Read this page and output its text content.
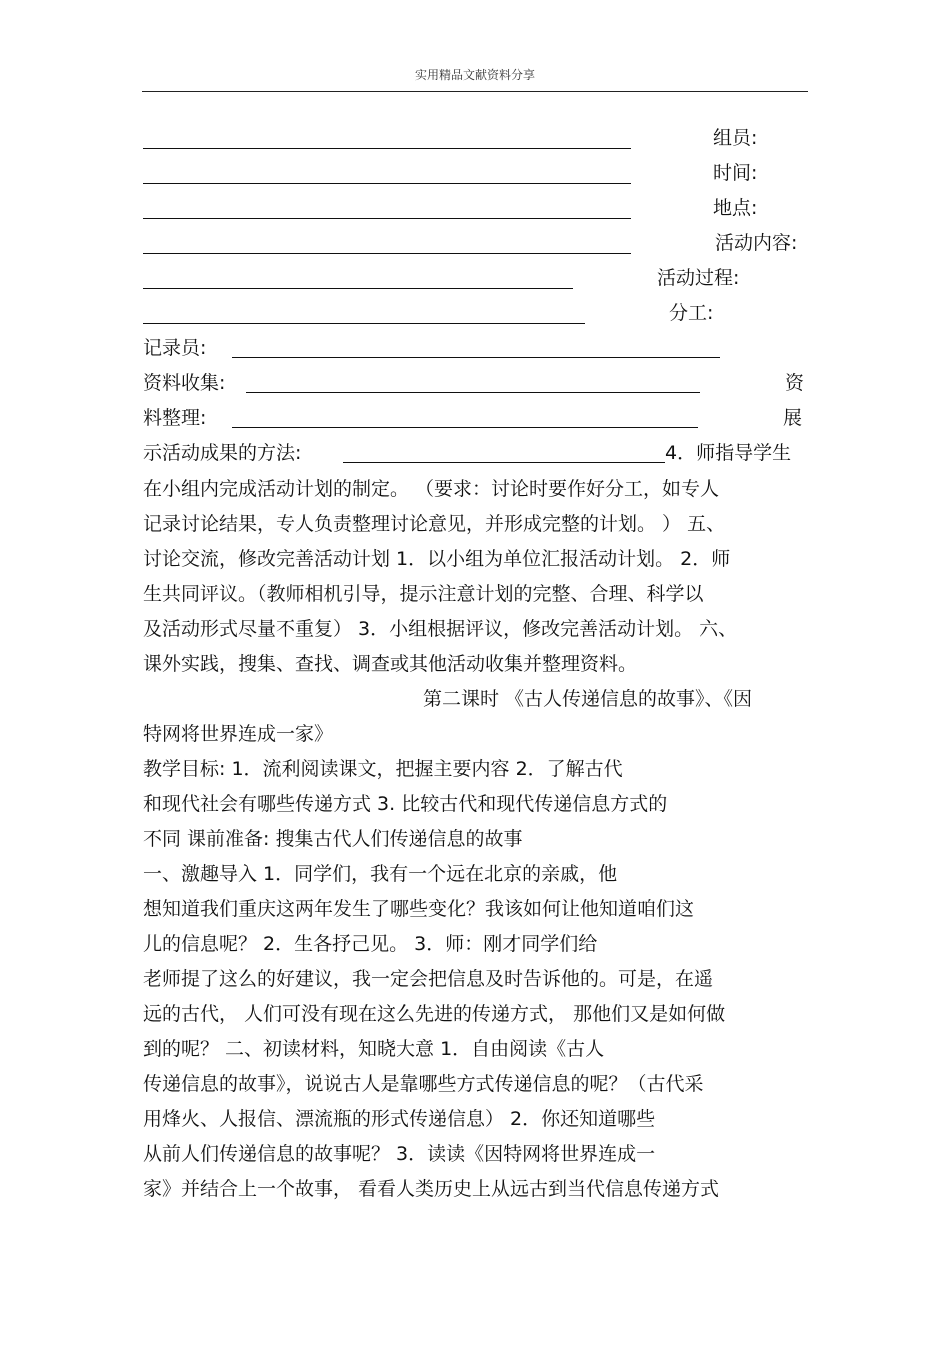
实用精品文献资料分享
组员:
时间:
地点:
活动内容:
活动过程:
分工:
记录员:
资料收集:	资
料整理:	展
示活动成果的方法:	4．师指导学生
在小组内完成活动计划的制定。 （要求：讨论时要作好分工，如专人
记录讨论结果，专人负责整理讨论意见，并形成完整的计划。 ） 五、
讨论交流，修改完善活动计划 1．以小组为单位汇报活动计划。 2．师
生共同评议。（教师相机引导，提示注意计划的完整、合理、科学以
及活动形式尽量不重复） 3．小组根据评议，修改完善活动计划。 六、
课外实践，搜集、查找、调查或其他活动收集并整理资料。
第二课时 《古人传递信息的故事》、《因
特网将世界连成一家》
教学目标: 1．流利阅读课文，把握主要内容 2．了解古代
和现代社会有哪些传递方式 3. 比较古代和现代传递信息方式的
不同 课前准备: 搜集古代人们传递信息的故事
一、激趣导入 1．同学们，我有一个远在北京的亲戚，他
想知道我们重庆这两年发生了哪些变化？我该如何让他知道咱们这
儿的信息呢？ 2．生各抒己见。 3．师：刚才同学们给
老师提了这么的好建议，我一定会把信息及时告诉他的。可是，在遥
远的古代， 人们可没有现在这么先进的传递方式， 那他们又是如何做
到的呢？ 二、初读材料，知晓大意 1．自由阅读《古人
传递信息的故事》，说说古人是靠哪些方式传递信息的呢？（古代采
用烽火、人报信、漂流瓶的形式传递信息） 2．你还知道哪些
从前人们传递信息的故事呢？ 3．读读《因特网将世界连成一
家》并结合上一个故事， 看看人类历史上从远古到当代信息传递方式
